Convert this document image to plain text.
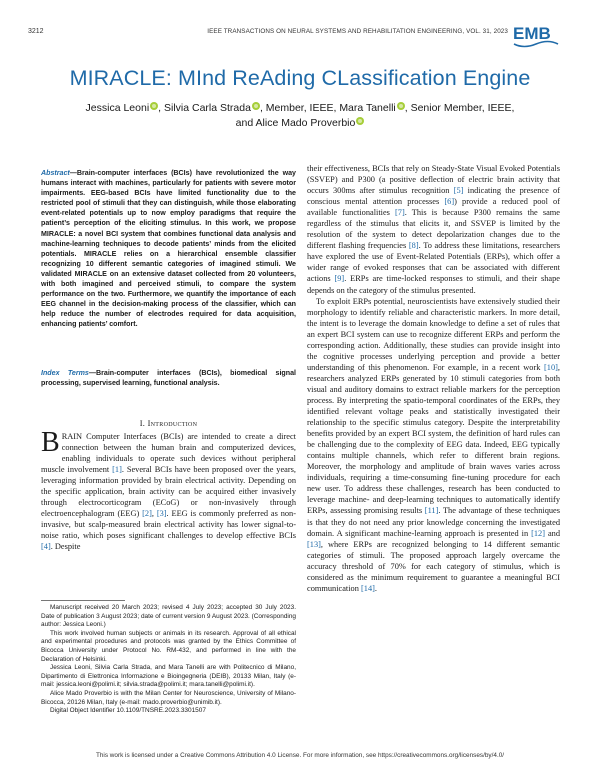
3212	IEEE TRANSACTIONS ON NEURAL SYSTEMS AND REHABILITATION ENGINEERING, VOL. 31, 2023 EMB
MIRACLE: MInd ReAding CLassification Engine
Jessica Leoni , Silvia Carla Strada , Member, IEEE, Mara Tanelli , Senior Member, IEEE,
and Alice Mado Proverbio
Abstract—Brain-computer interfaces (BCIs) have revolutionized the way humans interact with machines, particularly for patients with severe motor impairments. EEG-based BCIs have limited functionality due to the restricted pool of stimuli that they can distinguish, while those elaborating event-related potentials up to now employ paradigms that require the patient’s perception of the eliciting stimulus. In this work, we propose MIRACLE: a novel BCI system that combines functional data analysis and machine-learning techniques to decode patients’ minds from the elicited potentials. MIRACLE relies on a hierarchical ensemble classifier recognizing 10 different semantic categories of imagined stimuli. We validated MIRACLE on an extensive dataset collected from 20 volunteers, with both imagined and perceived stimuli, to compare the system performance on the two. Furthermore, we quantify the importance of each EEG channel in the decision-making process of the classifier, which can help reduce the number of electrodes required for data acquisition, enhancing patients’ comfort.
Index Terms—Brain-computer interfaces (BCIs), biomedical signal processing, supervised learning, functional analysis.
I. Introduction

BRAIN Computer Interfaces (BCIs) are intended to create a direct connection between the human brain and computerized devices, enabling individuals to operate such devices without peripheral muscle involvement [1]. Several BCIs have been proposed over the years, leveraging information provided by brain electrical activity. Depending on the specific application, brain activity can be acquired either invasively through electrocorticogram (ECoG) or non-invasively through electroencephalogram (EEG) [2], [3]. EEG is commonly preferred as non-invasive, but scalp-measured brain electrical activity has lower signal-to-noise ratio, which poses significant challenges to develop effective BCIs [4]. Despite

Manuscript received 20 March 2023; revised 4 July 2023; accepted 30 July 2023. Date of publication 3 August 2023; date of current version 9 August 2023. (Corresponding author: Jessica Leoni.)

This work involved human subjects or animals in its research. Approval of all ethical and experimental procedures and protocols was granted by the Ethics Committee of Bicocca University under Protocol No. RM-432, and performed in line with the Declaration of Helsinki.

Jessica Leoni, Silvia Carla Strada, and Mara Tanelli are with Politecnico di Milano, Dipartimento di Elettronica Informazione e Bioingegneria (DEIB), 20133 Milan, Italy (e-mail: jessica.leoni@polimi.it; silvia.strada@polimi.it; mara.tanelli@polimi.it).

Alice Mado Proverbio is with the Milan Center for Neuroscience, University of Milano-Bicocca, 20126 Milan, Italy (e-mail: mado.proverbio@unimib.it).

Digital Object Identifier 10.1109/TNSRE.2023.3301507

their effectiveness, BCIs that rely on Steady-State Visual Evoked Potentials (SSVEP) and P300 (a positive deflection of electric brain activity that occurs 300ms after stimulus recognition [5] indicating the presence of conscious mental attention processes [6]) provide a reduced pool of available functionalities [7]. This is because P300 remains the same regardless of the stimulus that elicits it, and SSVEP is limited by the resolution of the system to detect depolarization changes due to the different flashing frequencies [8]. To address these limitations, researchers have explored the use of Event-Related Potentials (ERPs), which offer a wider range of evoked responses that can be associated with different actions [9]. ERPs are time-locked responses to stimuli, and their shape depends on the category of the stimulus presented.

To exploit ERPs potential, neuroscientists have extensively studied their morphology to identify reliable and characteristic markers. In more detail, the intent is to leverage the domain knowledge to define a set of rules that an expert BCI system can use to recognize different ERPs and perform the corresponding action. Additionally, these studies can provide insight into the cognitive processes underlying perception and provide a better understanding of this phenomenon. For example, in a recent work [10], researchers analyzed ERPs generated by 10 stimuli categories from both visual and auditory domains to extract reliable markers for the perception process. By interpreting the spatio-temporal coordinates of the ERPs, they identified relevant voltage peaks and statistically investigated their relationship to the specific stimulus category. Despite the interpretability benefits provided by an expert BCI system, the definition of hard rules can be challenging due to the complexity of EEG data. Indeed, EEG typically contains multiple channels, which refer to different brain regions. Moreover, the morphology and amplitude of brain waves varies across individuals, requiring a time-consuming fine-tuning procedure for each new user. To address these challenges, research has been conducted to leverage machine- and deep-learning techniques to automatically identify ERPs, assessing promising results [11]. The advantage of these techniques is that they do not need any prior knowledge concerning the investigated domain. A significant machine-learning approach is presented in [12] and [13], where ERPs are recognized belonging to 14 different semantic categories of stimuli. The proposed approach largely overcame the accuracy threshold of 70% for each category of stimulus, which is considered as the minimum requirement to guarantee a meaningful BCI communication [14].

This work is licensed under a Creative Commons Attribution 4.0 License. For more information, see https://creativecommons.org/licenses/by/4.0/
